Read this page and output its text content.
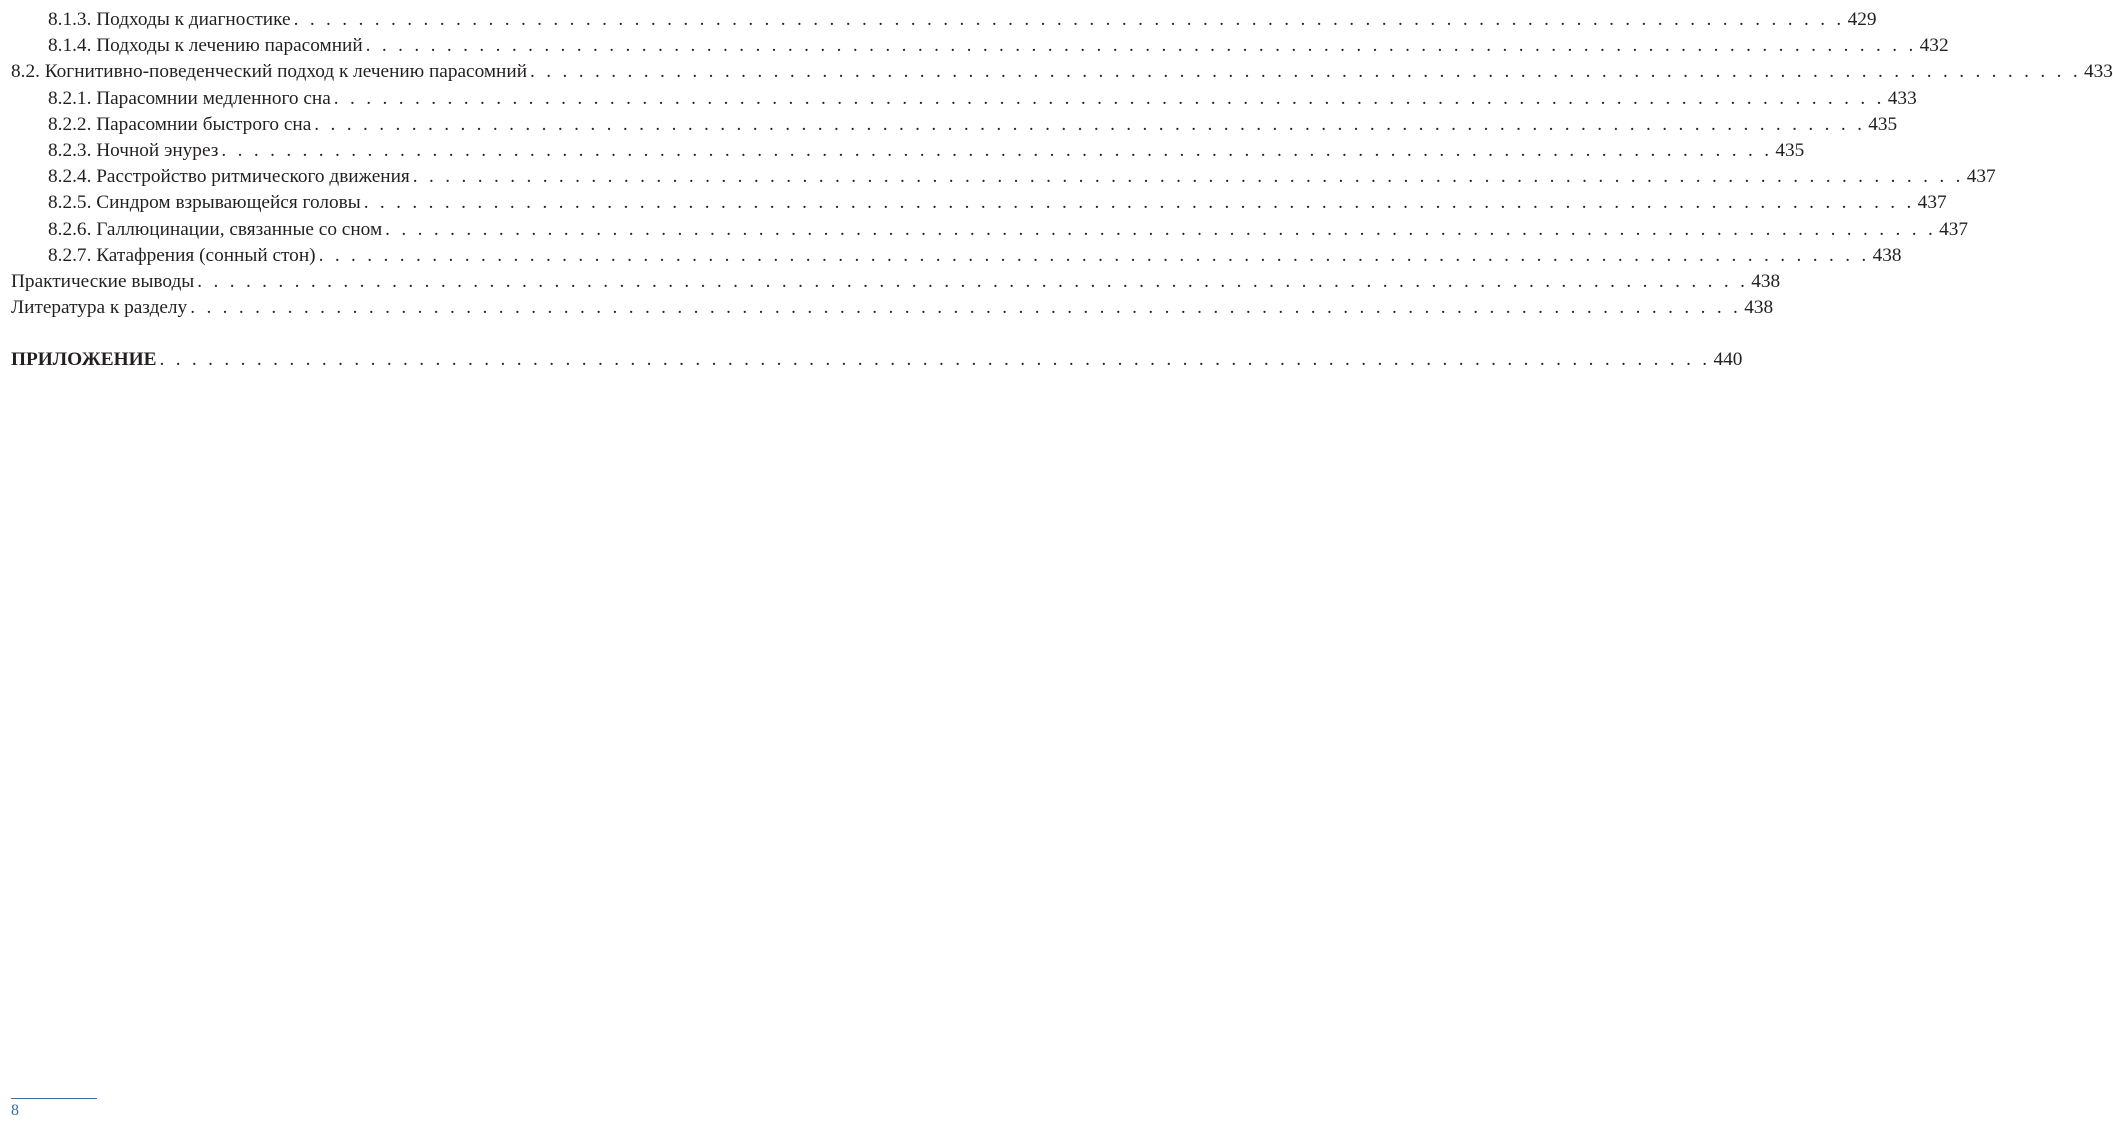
8.1.3. Подходы к диагностике . . . . . . . . . . . . . . . . . . . . . . . . . . . . . . . . . . . . . . . . . . . . . . . . . . . . . . . . . . . . . . . . . . . . . . . . . . . . . . . . . . . . . . . . . . . . . . . . 429
8.1.4. Подходы к лечению парасомний . . . . . . . . . . . . . . . . . . . . . . . . . . . . . . . . . . . . . . . . . . . . . . . . . . . . . . . . . . . . . . . . . . . . . . . . . . . . . . . . . . . . . . . . . . . . . . . . 432
8.2. Когнитивно-поведенческий подход к лечению парасомний . . . . . . . . . . . . . . . . . . . . . . . . . . . . . . . . . . . . . . . . . . . . . . . . . . . . . . . . . . . . . . . . . . . . . . . . . . . . . . . . . . . . . . . . . . . . . . . . 433
8.2.1. Парасомнии медленного сна . . . . . . . . . . . . . . . . . . . . . . . . . . . . . . . . . . . . . . . . . . . . . . . . . . . . . . . . . . . . . . . . . . . . . . . . . . . . . . . . . . . . . . . . . . . . . . . . 433
8.2.2. Парасомнии быстрого сна . . . . . . . . . . . . . . . . . . . . . . . . . . . . . . . . . . . . . . . . . . . . . . . . . . . . . . . . . . . . . . . . . . . . . . . . . . . . . . . . . . . . . . . . . . . . . . . . 435
8.2.3. Ночной энурез . . . . . . . . . . . . . . . . . . . . . . . . . . . . . . . . . . . . . . . . . . . . . . . . . . . . . . . . . . . . . . . . . . . . . . . . . . . . . . . . . . . . . . . . . . . . . . . . 435
8.2.4. Расстройство ритмического движения . . . . . . . . . . . . . . . . . . . . . . . . . . . . . . . . . . . . . . . . . . . . . . . . . . . . . . . . . . . . . . . . . . . . . . . . . . . . . . . . . . . . . . . . . . . . . . . . 437
8.2.5. Синдром взрывающейся головы . . . . . . . . . . . . . . . . . . . . . . . . . . . . . . . . . . . . . . . . . . . . . . . . . . . . . . . . . . . . . . . . . . . . . . . . . . . . . . . . . . . . . . . . . . . . . . . . 437
8.2.6. Галлюцинации, связанные со сном . . . . . . . . . . . . . . . . . . . . . . . . . . . . . . . . . . . . . . . . . . . . . . . . . . . . . . . . . . . . . . . . . . . . . . . . . . . . . . . . . . . . . . . . . . . . . . . . 437
8.2.7. Катафрения (сонный стон) . . . . . . . . . . . . . . . . . . . . . . . . . . . . . . . . . . . . . . . . . . . . . . . . . . . . . . . . . . . . . . . . . . . . . . . . . . . . . . . . . . . . . . . . . . . . . . . . 438
Практические выводы . . . . . . . . . . . . . . . . . . . . . . . . . . . . . . . . . . . . . . . . . . . . . . . . . . . . . . . . . . . . . . . . . . . . . . . . . . . . . . . . . . . . . . . . . . . . . . . . 438
Литература к разделу . . . . . . . . . . . . . . . . . . . . . . . . . . . . . . . . . . . . . . . . . . . . . . . . . . . . . . . . . . . . . . . . . . . . . . . . . . . . . . . . . . . . . . . . . . . . . . . . 438
ПРИЛОЖЕНИЕ . . . . . . . . . . . . . . . . . . . . . . . . . . . . . . . . . . . . . . . . . . . . . . . . . . . . . . . . . . . . . . . . . . . . . . . . . . . . . . . . . . . . . . . . . . . . . . . . 440
8
